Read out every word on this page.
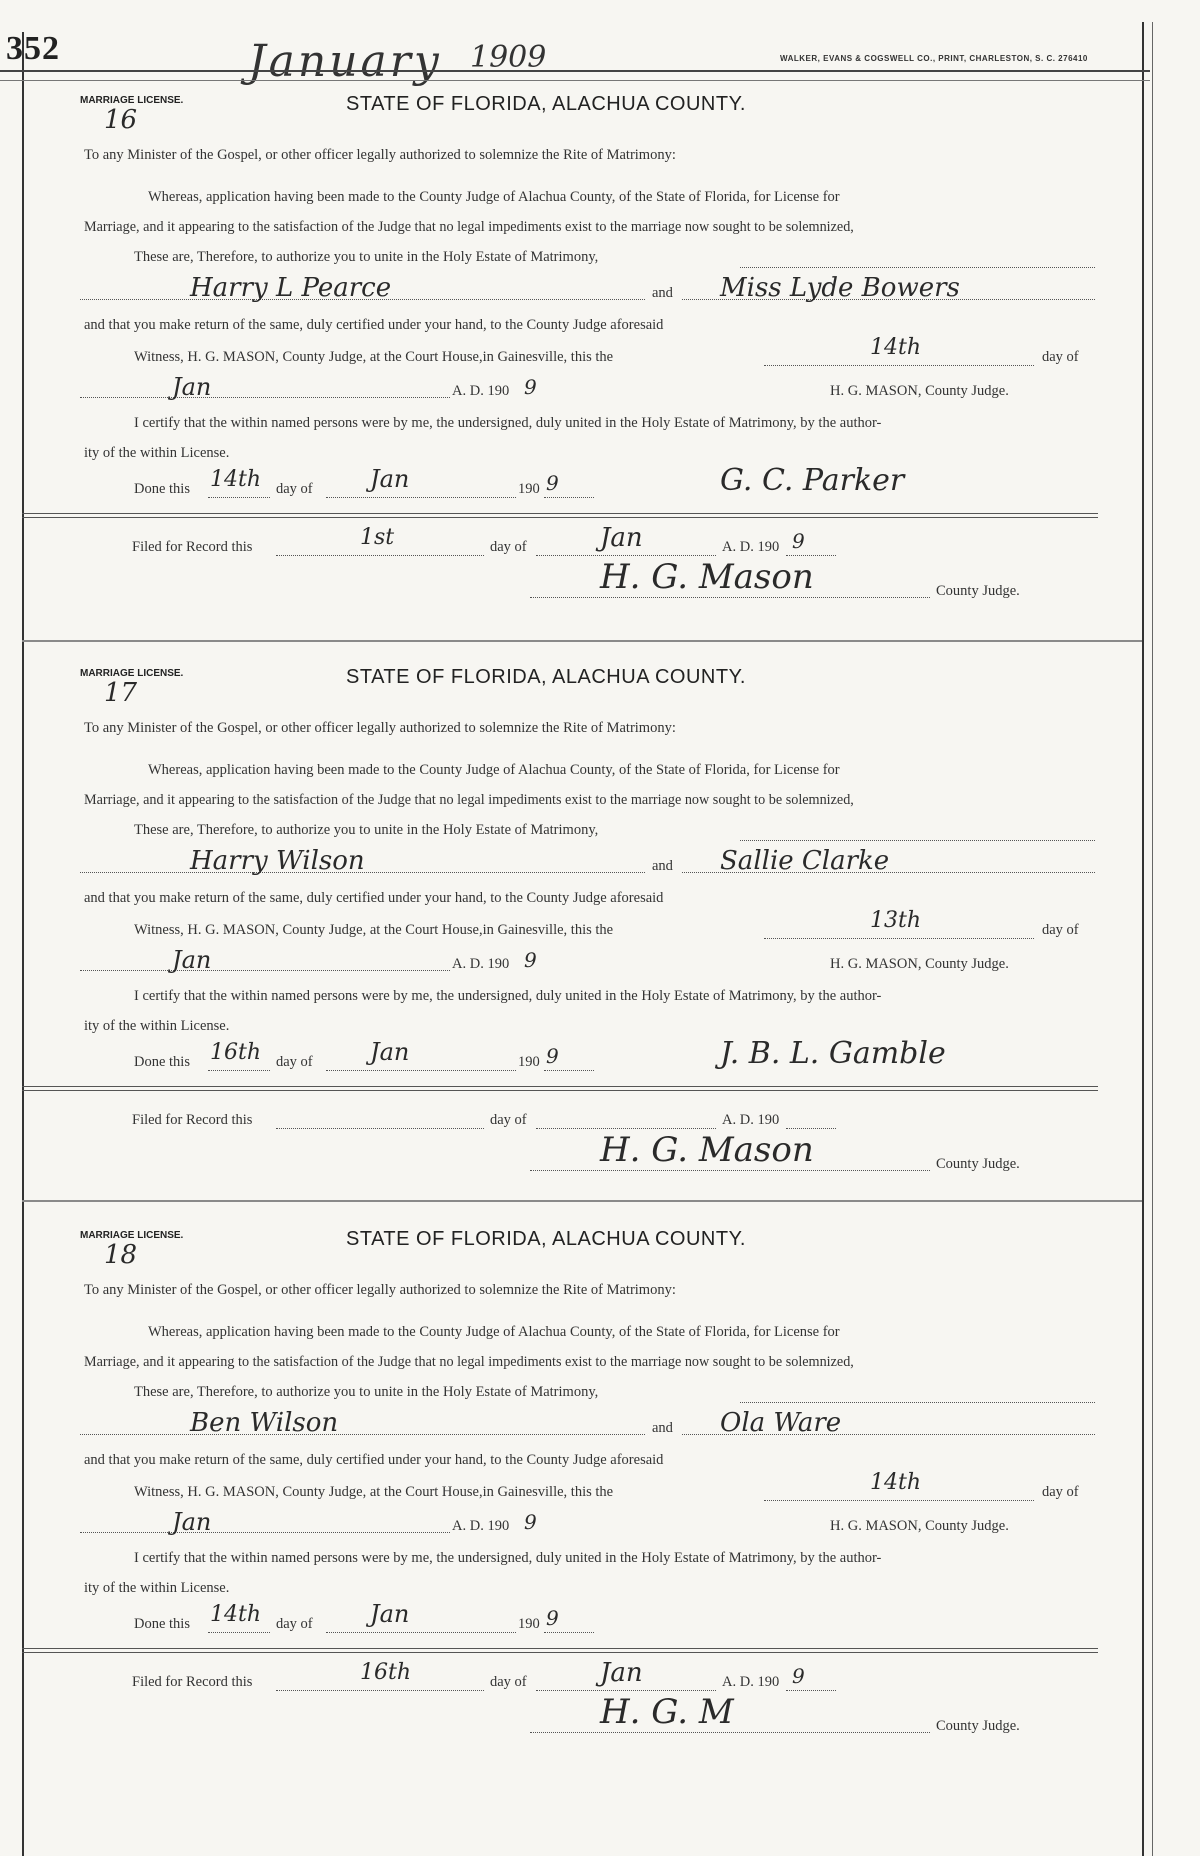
352	January 1909	WALKER, EVANS & COGSWELL CO., PRINT, CHARLESTON, S. C. 276410
MARRIAGE LICENSE.
16
STATE OF FLORIDA, ALACHUA COUNTY.
To any Minister of the Gospel, or other officer legally authorized to solemnize the Rite of Matrimony:
Whereas, application having been made to the County Judge of Alachua County, of the State of Florida, for License for
Marriage, and it appearing to the satisfaction of the Judge that no legal impediments exist to the marriage now sought to be solemnized,
These are, Therefore, to authorize you to unite in the Holy Estate of Matrimony,
Harry L Pearce	and Miss Lyde Bowers
and that you make return of the same, duly certified under your hand, to the County Judge aforesaid
Witness, H. G. MASON, County Judge, at the Court House,in Gainesville, this the	14th	day of
Jan	A. D. 190 9	H. G. MASON, County Judge.
I certify that the within named persons were by me, the undersigned, duly united in the Holy Estate of Matrimony, by the author-
ity of the within License.
Done this 14th day of Jan	190 9	G. C. Parker
Filed for Record this	1st	day of	Jan	A. D. 190 9
H. G. Mason	County Judge.
MARRIAGE LICENSE.
17
STATE OF FLORIDA, ALACHUA COUNTY.
To any Minister of the Gospel, or other officer legally authorized to solemnize the Rite of Matrimony:
Whereas, application having been made to the County Judge of Alachua County, of the State of Florida, for License for
Marriage, and it appearing to the satisfaction of the Judge that no legal impediments exist to the marriage now sought to be solemnized,
These are, Therefore, to authorize you to unite in the Holy Estate of Matrimony,
Harry Wilson	and Sallie Clarke
and that you make return of the same, duly certified under your hand, to the County Judge aforesaid
Witness, H. G. MASON, County Judge, at the Court House,in Gainesville, this the	13th	day of
Jan	A. D. 190 9	H. G. MASON, County Judge.
I certify that the within named persons were by me, the undersigned, duly united in the Holy Estate of Matrimony, by the author-
ity of the within License.
Done this 16th day of Jan	190 9	J. B. L. Gamble
Filed for Record this	day of	A. D. 190
H. G. Mason	County Judge.
MARRIAGE LICENSE.
18
STATE OF FLORIDA, ALACHUA COUNTY.
To any Minister of the Gospel, or other officer legally authorized to solemnize the Rite of Matrimony:
Whereas, application having been made to the County Judge of Alachua County, of the State of Florida, for License for
Marriage, and it appearing to the satisfaction of the Judge that no legal impediments exist to the marriage now sought to be solemnized,
These are, Therefore, to authorize you to unite in the Holy Estate of Matrimony,
Ben Wilson	and Ola Ware
and that you make return of the same, duly certified under your hand, to the County Judge aforesaid
Witness, H. G. MASON, County Judge, at the Court House,in Gainesville, this the	14th	day of
Jan	A. D. 190 9	H. G. MASON, County Judge.
I certify that the within named persons were by me, the undersigned, duly united in the Holy Estate of Matrimony, by the author-
ity of the within License.
Done this 14th day of Jan	190 9
Filed for Record this	16th	day of	Jan	A. D. 190 9
H. G. M	County Judge.
